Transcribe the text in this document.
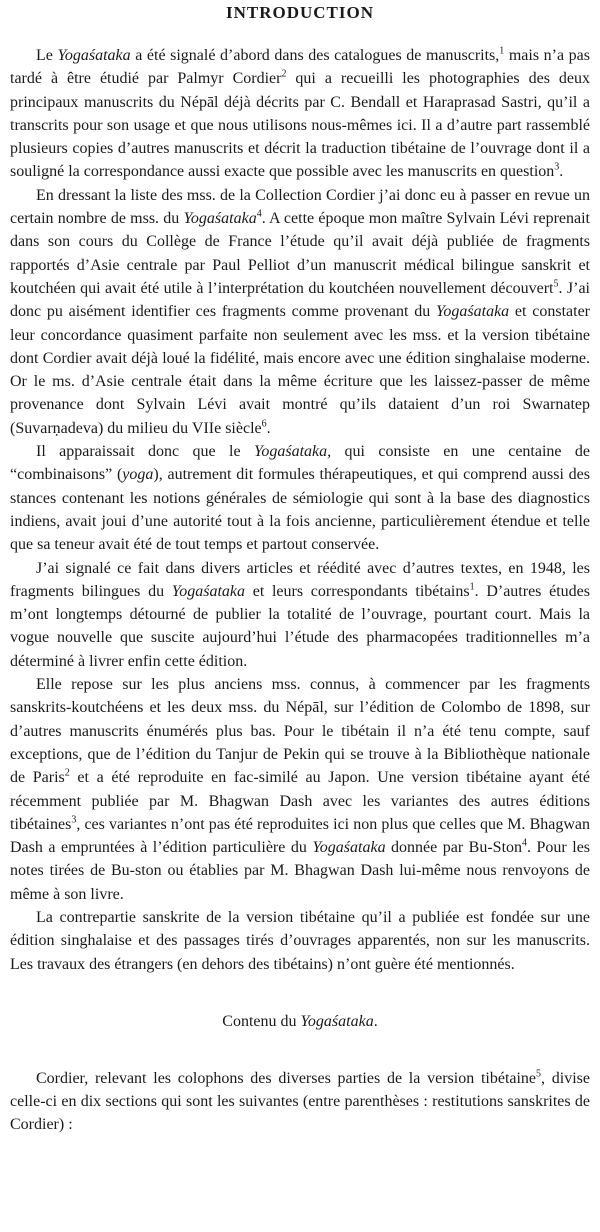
INTRODUCTION

Le Yogaśataka a été signalé d’abord dans des catalogues de manuscrits,$^1$ mais n’a pas tardé à être étudié par Palmyr Cordier$^2$ qui a recueilli les photographies des deux principaux manuscrits du Népāl déjà décrits par C. Bendall et Haraprasad Sastri, qu’il a transcrits pour son usage et que nous utilisons nous-mêmes ici. Il a d’autre part rassemblé plusieurs copies d’autres manuscrits et décrit la traduction tibétaine de l’ouvrage dont il a souligné la correspondance aussi exacte que possible avec les manuscrits en question$^3$.

En dressant la liste des mss. de la Collection Cordier j’ai donc eu à passer en revue un certain nombre de mss. du Yogaśataka$^4$. A cette époque mon maître Sylvain Lévi reprenait dans son cours du Collège de France l’étude qu’il avait déjà publiée de fragments rapportés d’Asie centrale par Paul Pelliot d’un manuscrit médical bilingue sanskrit et koutchéen qui avait été utile à l’interprétation du koutchéen nouvellement découvert$^5$. J’ai donc pu aisément identifier ces fragments comme provenant du Yogaśataka et constater leur concordance quasiment parfaite non seulement avec les mss. et la version tibétaine dont Cordier avait déjà loué la fidélité, mais encore avec une édition singhalaise moderne. Or le ms. d’Asie centrale était dans la même écriture que les laissez-passer de même provenance dont Sylvain Lévi avait montré qu’ils dataient d’un roi Swarnatep (Suvarṇadeva) du milieu du VIIe siècle$^6$.

Il apparaissait donc que le Yogaśataka, qui consiste en une centaine de “combinaisons” (yoga), autrement dit formules thérapeutiques, et qui comprend aussi des stances contenant les notions générales de sémiologie qui sont à la base des diagnostics indiens, avait joui d’une autorité tout à la fois ancienne, particulièrement étendue et telle que sa teneur avait été de tout temps et partout conservée.

J’ai signalé ce fait dans divers articles et réédité avec d’autres textes, en 1948, les fragments bilingues du Yogaśataka et leurs correspondants tibétains$^1$. D’autres études m’ont longtemps détourné de publier la totalité de l’ouvrage, pourtant court. Mais la vogue nouvelle que suscite aujourd’hui l’étude des pharmacopées traditionnelles m’a déterminé à livrer enfin cette édition.

Elle repose sur les plus anciens mss. connus, à commencer par les fragments sanskrits-koutchéens et les deux mss. du Népāl, sur l’édition de Colombo de 1898, sur d’autres manuscrits énumérés plus bas. Pour le tibétain il n’a été tenu compte, sauf exceptions, que de l’édition du Tanjur de Pekin qui se trouve à la Bibliothèque nationale de Paris$^2$ et a été reproduite en fac-similé au Japon. Une version tibétaine ayant été récemment publiée par M. Bhagwan Dash avec les variantes des autres éditions tibétaines$^3$, ces variantes n’ont pas été reproduites ici non plus que celles que M. Bhagwan Dash a empruntées à l’édition particulière du Yogaśataka donnée par Bu-Ston$^4$. Pour les notes tirées de Bu-ston ou établies par M. Bhagwan Dash lui-même nous renvoyons de même à son livre.

La contrepartie sanskrite de la version tibétaine qu’il a publiée est fondée sur une édition singhalaise et des passages tirés d’ouvrages apparentés, non sur les manuscrits. Les travaux des étrangers (en dehors des tibétains) n’ont guère été mentionnés.

Contenu du Yogaśataka.

Cordier, relevant les colophons des diverses parties de la version tibétaine$^5$, divise celle-ci en dix sections qui sont les suivantes (entre parenthèses : restitutions sanskrites de Cordier) :
